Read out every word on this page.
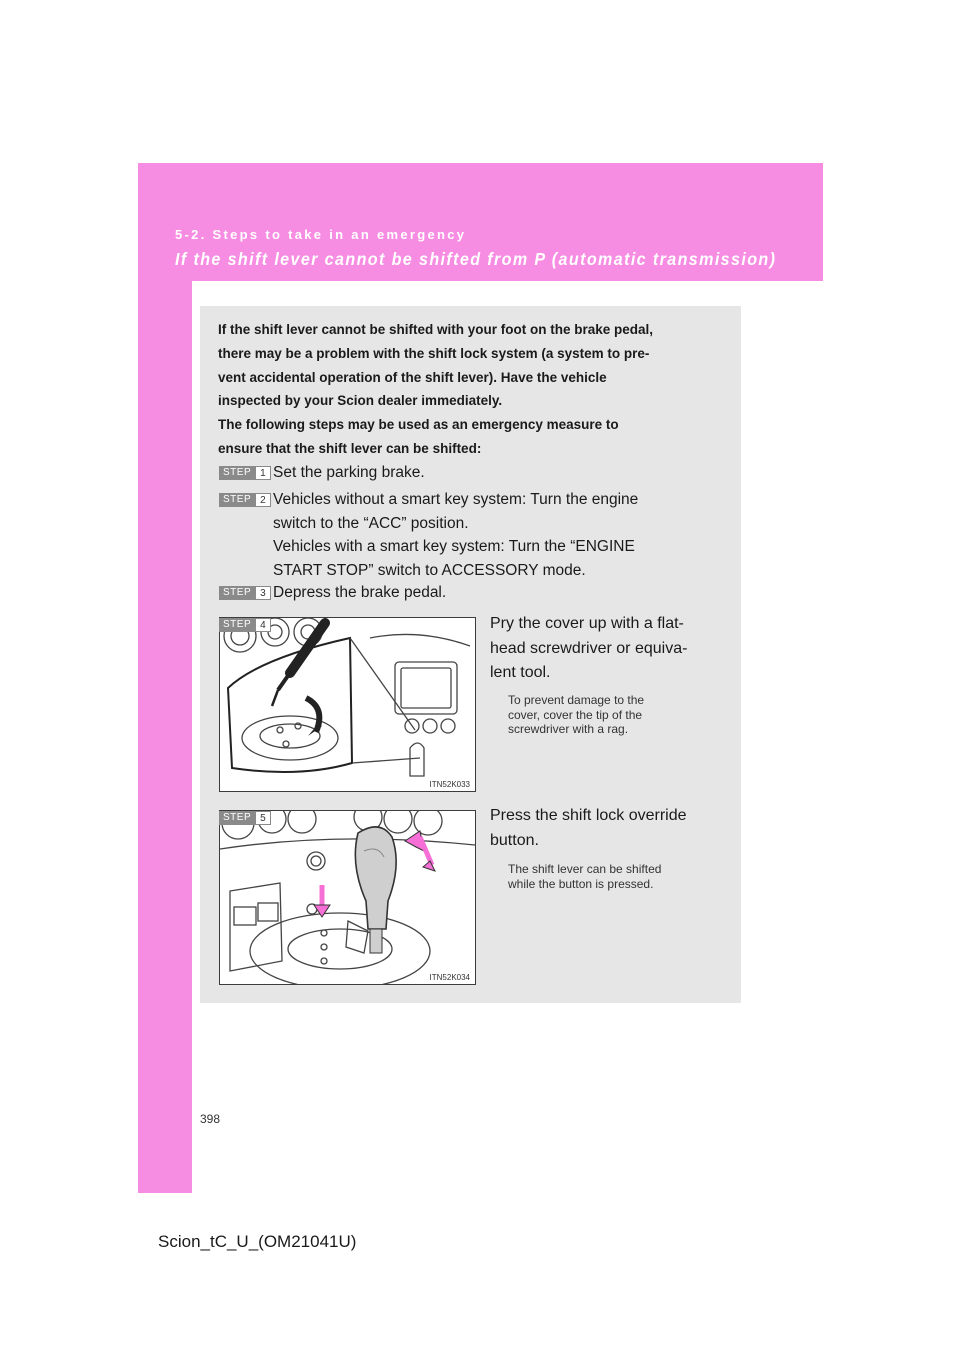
5-2. Steps to take in an emergency
If the shift lever cannot be shifted from P (automatic transmission)

If the shift lever cannot be shifted with your foot on the brake pedal,
there may be a problem with the shift lock system (a system to pre-
vent accidental operation of the shift lever). Have the vehicle
inspected by your Scion dealer immediately.
The following steps may be used as an emergency measure to
ensure that the shift lever can be shifted:

STEP 1 Set the parking brake.

STEP 2 Vehicles without a smart key system: Turn the engine
switch to the “ACC” position.
Vehicles with a smart key system: Turn the “ENGINE
START STOP” switch to ACCESSORY mode.

STEP 3 Depress the brake pedal.

ITN52K033
STEP 4	Pry the cover up with a flat-
head screwdriver or equiva-
lent tool.

To prevent damage to the
cover, cover the tip of the
screwdriver with a rag.

ITN52K034
STEP 5	Press the shift lock override
button.

The shift lever can be shifted
while the button is pressed.

398

Scion_tC_U_(OM21041U)
